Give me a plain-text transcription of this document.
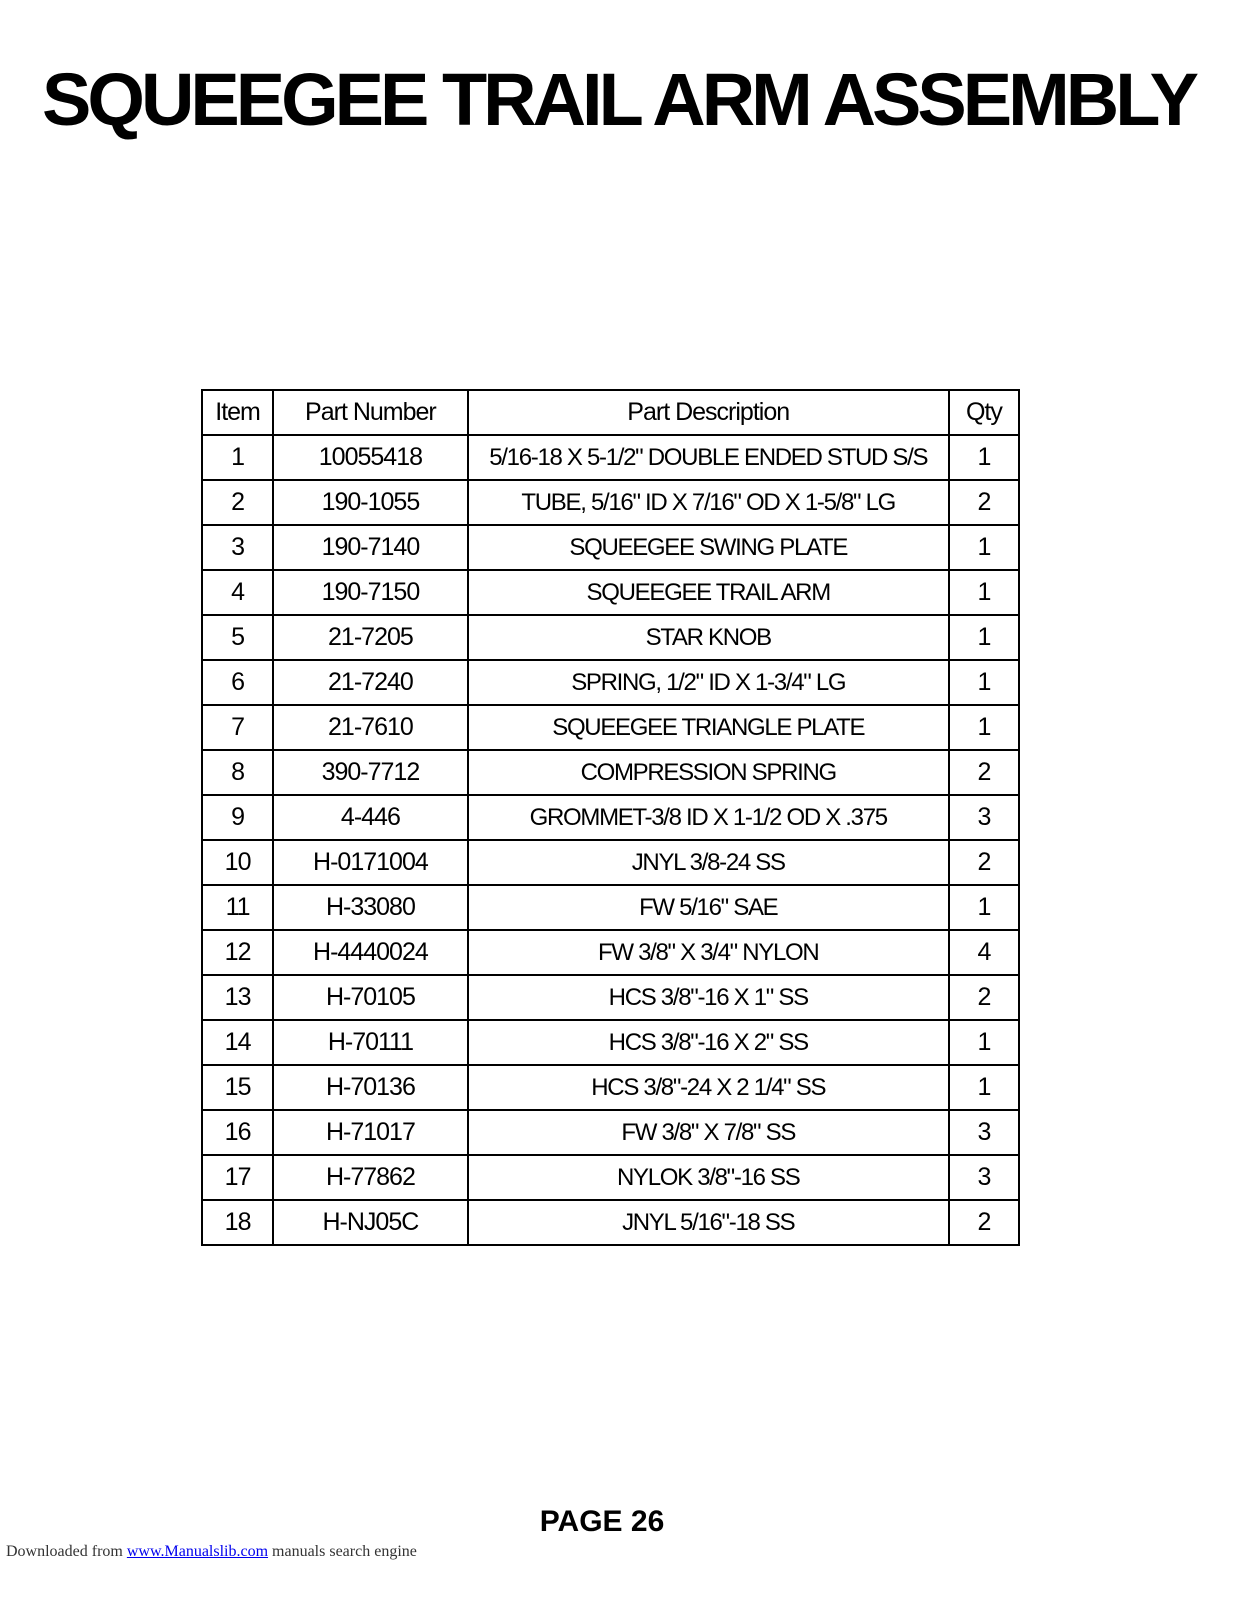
SQUEEGEE TRAIL ARM ASSEMBLY
Item	Part Number	Part Description	Qty
1	10055418	5/16-18 X 5-1/2" DOUBLE ENDED STUD S/S	1
2	190-1055	TUBE, 5/16" ID X 7/16" OD X 1-5/8" LG	2
3	190-7140	SQUEEGEE SWING PLATE	1
4	190-7150	SQUEEGEE TRAIL ARM	1
5	21-7205	STAR KNOB	1
6	21-7240	SPRING, 1/2" ID X 1-3/4" LG	1
7	21-7610	SQUEEGEE TRIANGLE PLATE	1
8	390-7712	COMPRESSION SPRING	2
9	4-446	GROMMET-3/8 ID X 1-1/2 OD X .375	3
10	H-0171004	JNYL 3/8-24 SS	2
11	H-33080	FW 5/16" SAE	1
12	H-4440024	FW 3/8" X 3/4" NYLON	4
13	H-70105	HCS 3/8"-16 X 1" SS	2
14	H-70111	HCS 3/8"-16 X 2" SS	1
15	H-70136	HCS 3/8"-24 X 2 1/4" SS	1
16	H-71017	FW 3/8" X 7/8" SS	3
17	H-77862	NYLOK 3/8"-16 SS	3
18	H-NJ05C	JNYL 5/16"-18 SS	2
PAGE 26
Downloaded from www.Manualslib.com manuals search engine
